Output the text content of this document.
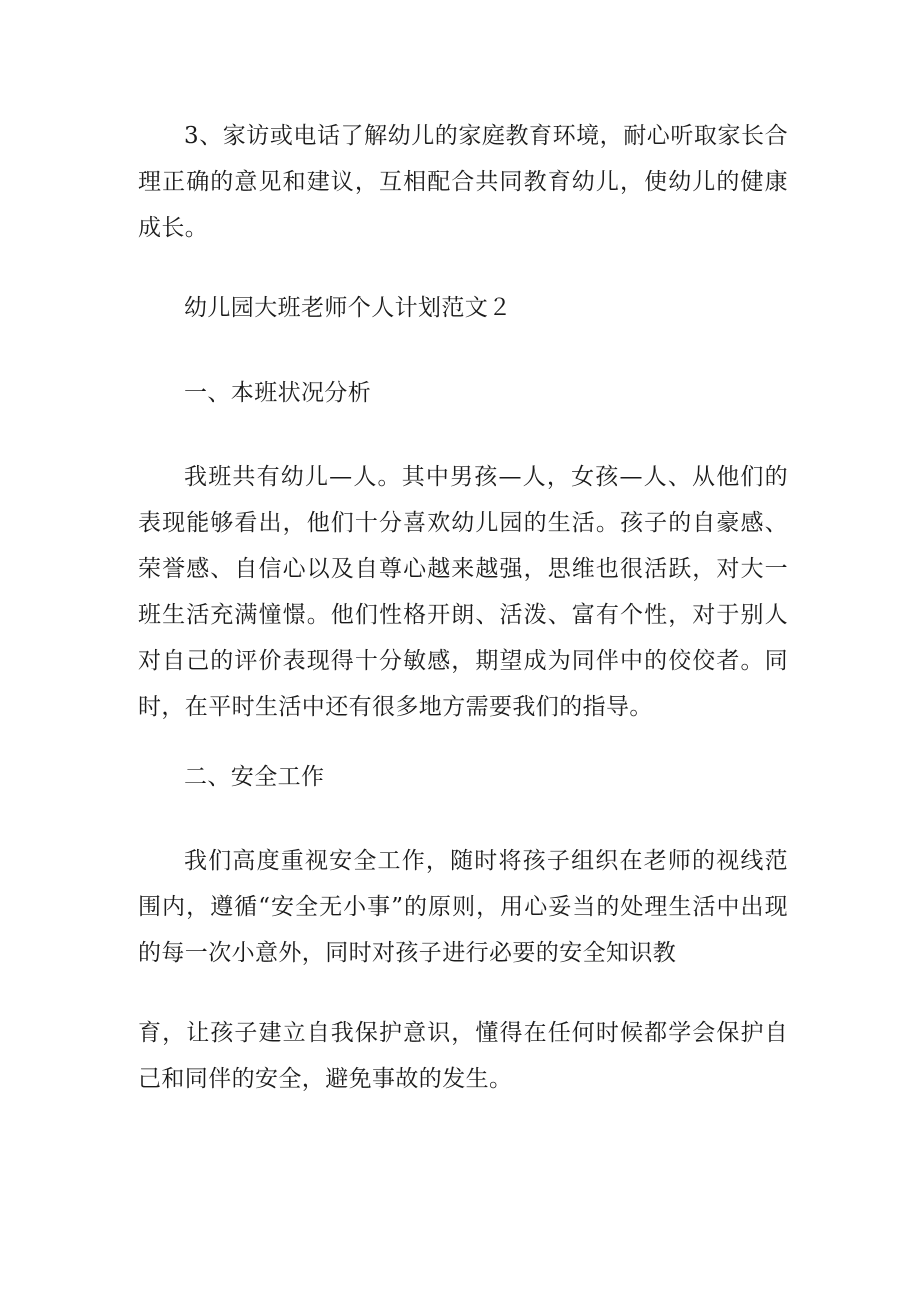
3、家访或电话了解幼儿的家庭教育环境，耐心听取家长合理正确的意见和建议，互相配合共同教育幼儿，使幼儿的健康成长。

幼儿园大班老师个人计划范文２
一、本班状况分析

我班共有幼儿—人。其中男孩—人，女孩—人、从他们的表现能够看出，他们十分喜欢幼儿园的生活。孩子的自豪感、荣誉感、自信心以及自尊心越来越强，思维也很活跃，对大一班生活充满憧憬。他们性格开朗、活泼、富有个性，对于别人对自己的评价表现得十分敏感，期望成为同伴中的佼佼者。同时，在平时生活中还有很多地方需要我们的指导。

二、安全工作

我们高度重视安全工作，随时将孩子组织在老师的视线范围内，遵循“安全无小事”的原则，用心妥当的处理生活中出现的每一次小意外，同时对孩子进行必要的安全知识教

育，让孩子建立自我保护意识，懂得在任何时候都学会保护自己和同伴的安全，避免事故的发生。
